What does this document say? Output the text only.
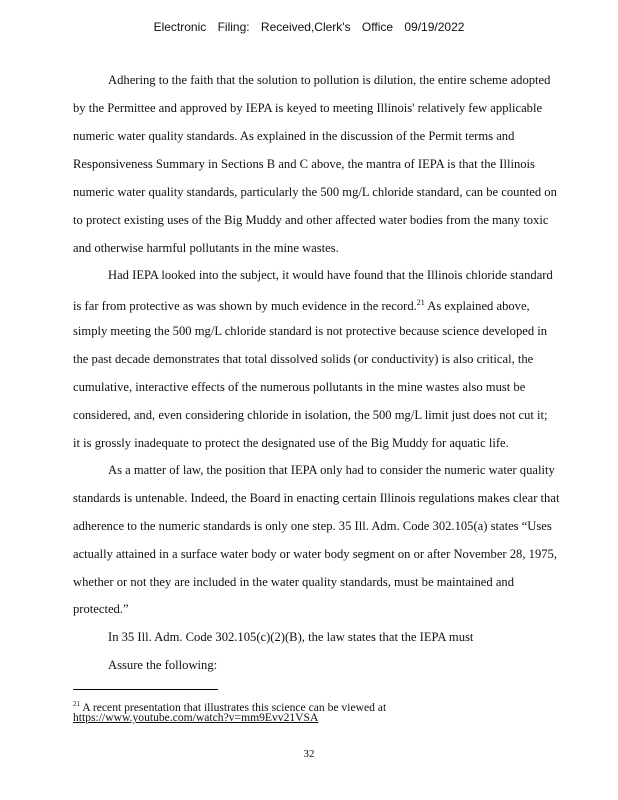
Electronic Filing: Received,Clerk's Office 09/19/2022
Adhering to the faith that the solution to pollution is dilution, the entire scheme adopted
by the Permittee and approved by IEPA is keyed to meeting Illinois' relatively few applicable
numeric water quality standards. As explained in the discussion of the Permit terms and
Responsiveness Summary in Sections B and C above, the mantra of IEPA is that the Illinois
numeric water quality standards, particularly the 500 mg/L chloride standard, can be counted on
to protect existing uses of the Big Muddy and other affected water bodies from the many toxic
and otherwise harmful pollutants in the mine wastes.
Had IEPA looked into the subject, it would have found that the Illinois chloride standard
is far from protective as was shown by much evidence in the record.$^{21}$ As explained above,
simply meeting the 500 mg/L chloride standard is not protective because science developed in
the past decade demonstrates that total dissolved solids (or conductivity) is also critical, the
cumulative, interactive effects of the numerous pollutants in the mine wastes also must be
considered, and, even considering chloride in isolation, the 500 mg/L limit just does not cut it;
it is grossly inadequate to protect the designated use of the Big Muddy for aquatic life.
As a matter of law, the position that IEPA only had to consider the numeric water quality
standards is untenable. Indeed, the Board in enacting certain Illinois regulations makes clear that
adherence to the numeric standards is only one step. 35 Ill. Adm. Code 302.105(a) states “Uses
actually attained in a surface water body or water body segment on or after November 28, 1975,
whether or not they are included in the water quality standards, must be maintained and
protected.”
In 35 Ill. Adm. Code 302.105(c)(2)(B), the law states that the IEPA must
Assure the following:
$^{21}$ A recent presentation that illustrates this science can be viewed at
https://www.youtube.com/watch?v=mm9Evv21VSA
32
